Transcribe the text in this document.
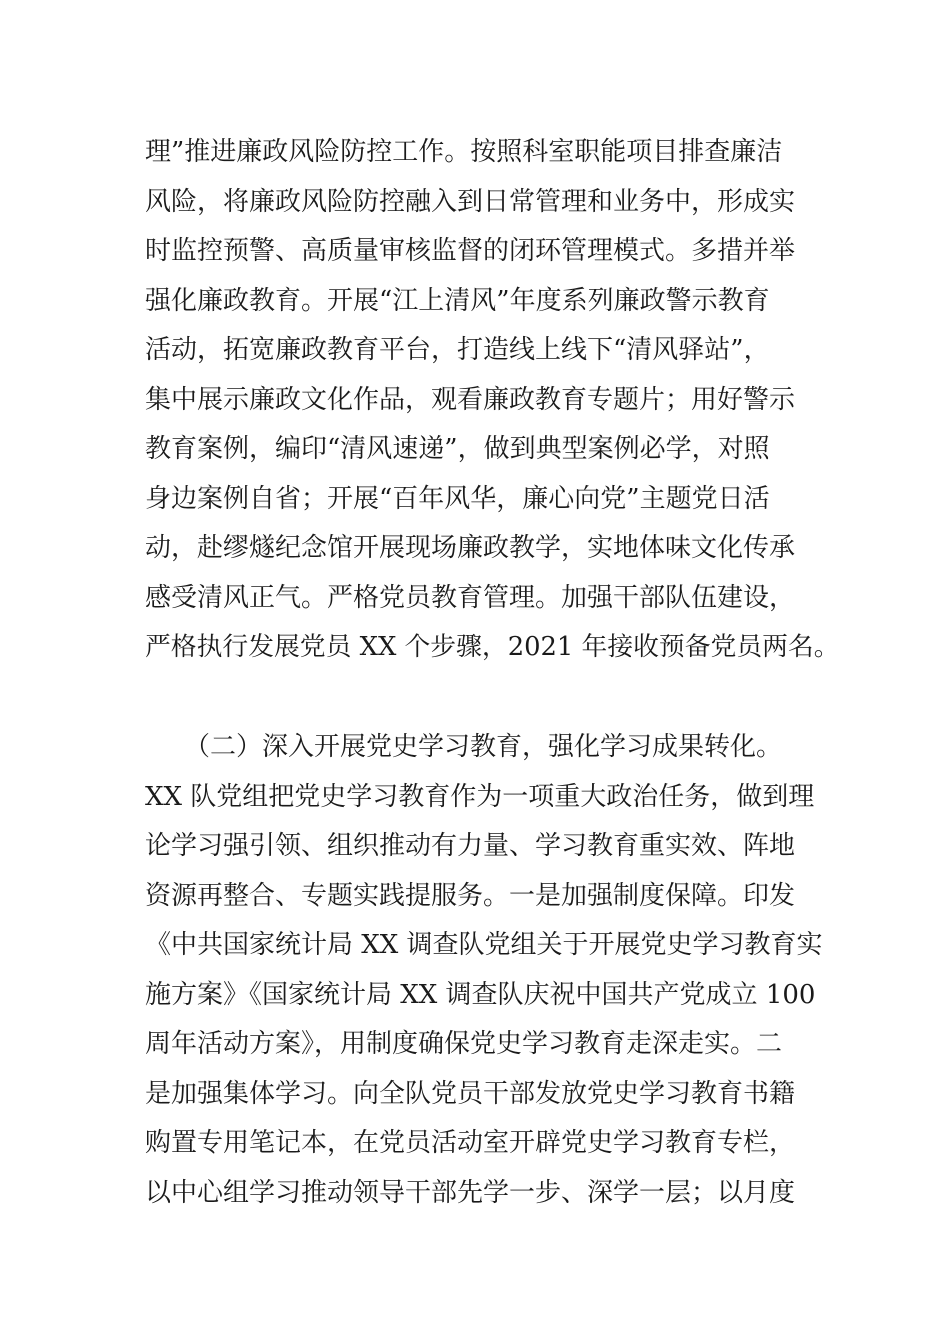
理”推进廉政风险防控工作。按照科室职能项目排查廉洁
风险，将廉政风险防控融入到日常管理和业务中，形成实
时监控预警、高质量审核监督的闭环管理模式。多措并举
强化廉政教育。开展“江上清风”年度系列廉政警示教育
活动，拓宽廉政教育平台，打造线上线下“清风驿站”，
集中展示廉政文化作品，观看廉政教育专题片；用好警示
教育案例，编印“清风速递”，做到典型案例必学，对照
身边案例自省；开展“百年风华，廉心向党”主题党日活
动，赴缪燧纪念馆开展现场廉政教学，实地体味文化传承
感受清风正气。严格党员教育管理。加强干部队伍建设，
严格执行发展党员 XX 个步骤，2021 年接收预备党员两名。
　　（二）深入开展党史学习教育，强化学习成果转化。
XX 队党组把党史学习教育作为一项重大政治任务，做到理
论学习强引领、组织推动有力量、学习教育重实效、阵地
资源再整合、专题实践提服务。一是加强制度保障。印发
《中共国家统计局 XX 调查队党组关于开展党史学习教育实
施方案》《国家统计局 XX 调查队庆祝中国共产党成立 100
周年活动方案》，用制度确保党史学习教育走深走实。二
是加强集体学习。向全队党员干部发放党史学习教育书籍
购置专用笔记本，在党员活动室开辟党史学习教育专栏，
以中心组学习推动领导干部先学一步、深学一层；以月度
